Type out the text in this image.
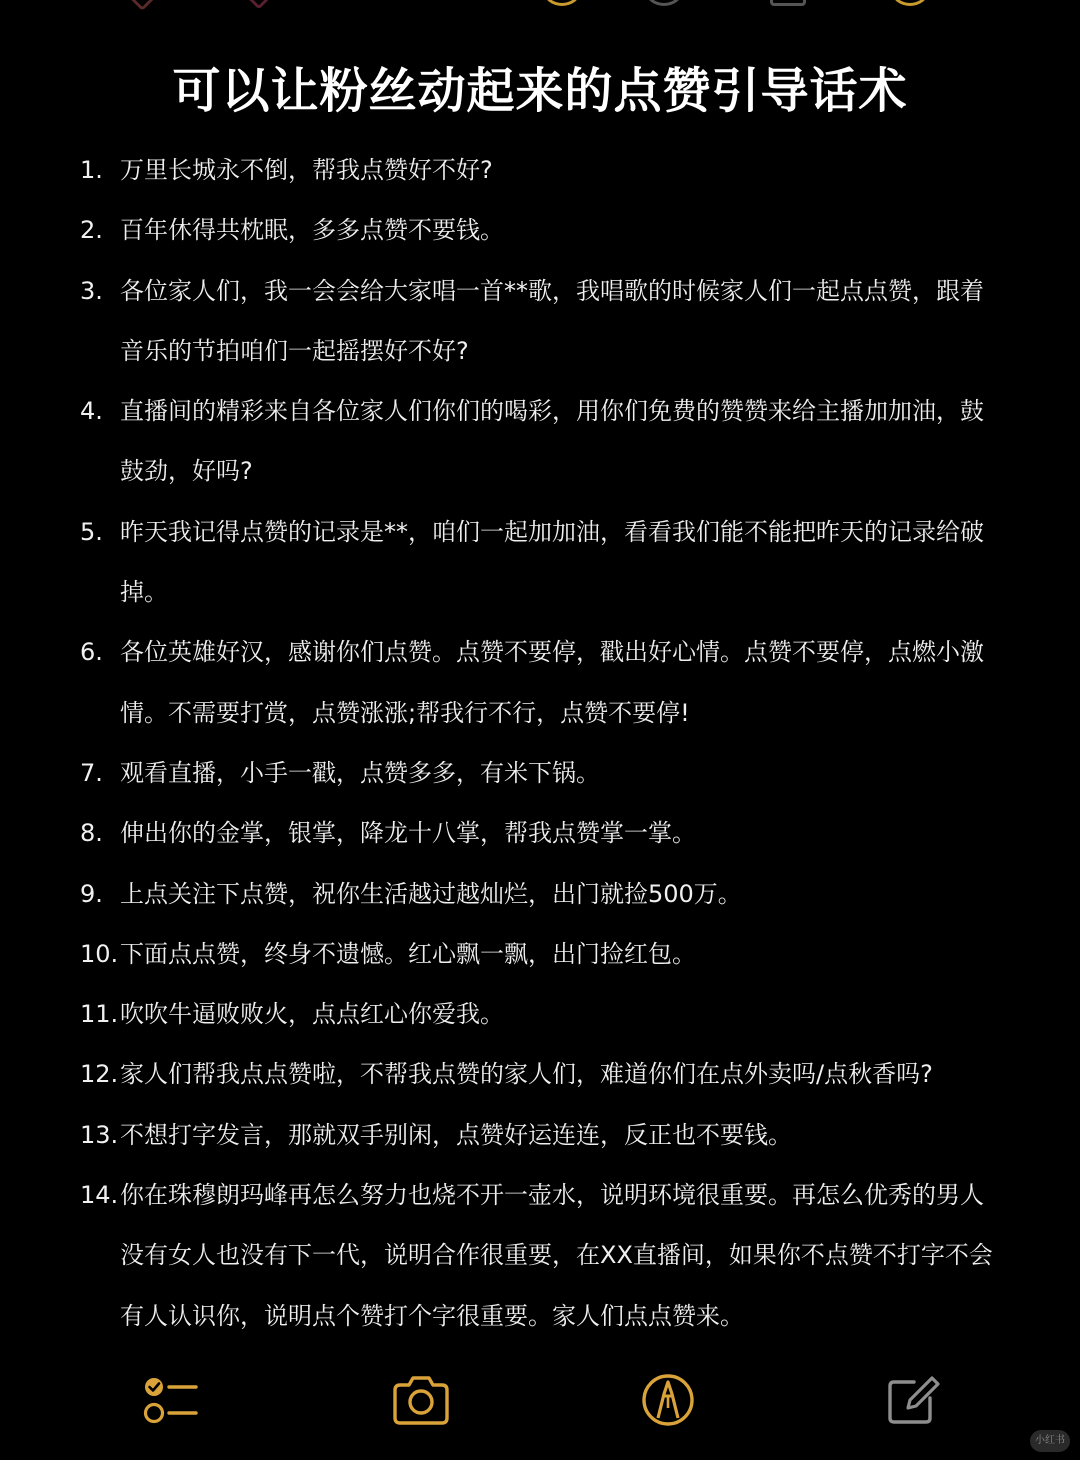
可以让粉丝动起来的点赞引导话术
1. 万里长城永不倒，帮我点赞好不好?
2. 百年休得共枕眠，多多点赞不要钱。
3. 各位家人们，我一会会给大家唱一首**歌，我唱歌的时候家人们一起点点赞，跟着音乐的节拍咱们一起摇摆好不好?
4. 直播间的精彩来自各位家人们你们的喝彩，用你们免费的赞赞来给主播加加油，鼓鼓劲，好吗?
5. 昨天我记得点赞的记录是**，咱们一起加加油，看看我们能不能把昨天的记录给破掉。
6. 各位英雄好汉，感谢你们点赞。点赞不要停，戳出好心情。点赞不要停，点燃小激情。不需要打赏，点赞涨涨;帮我行不行，点赞不要停!
7. 观看直播，小手一戳，点赞多多，有米下锅。
8. 伸出你的金掌，银掌，降龙十八掌，帮我点赞掌一掌。
9. 上点关注下点赞，祝你生活越过越灿烂，出门就捡500万。
10. 下面点点赞，终身不遗憾。红心飘一飘，出门捡红包。
11. 吹吹牛逼败败火，点点红心你爱我。
12. 家人们帮我点点赞啦，不帮我点赞的家人们，难道你们在点外卖吗/点秋香吗?
13. 不想打字发言，那就双手别闲，点赞好运连连，反正也不要钱。
14. 你在珠穆朗玛峰再怎么努力也烧不开一壶水，说明环境很重要。再怎么优秀的男人没有女人也没有下一代，说明合作很重要，在XX直播间，如果你不点赞不打字不会有人认识你，说明点个赞打个字很重要。家人们点点赞来。
小红书
